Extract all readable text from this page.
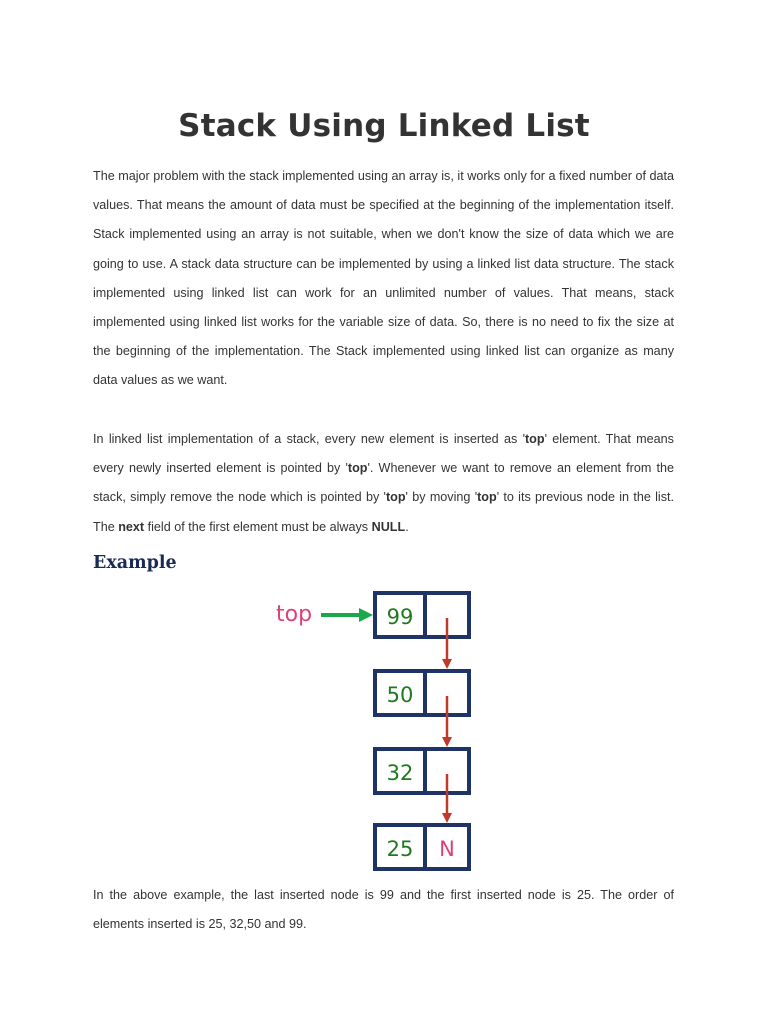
Stack Using Linked List

The major problem with the stack implemented using an array is, it works only for a fixed number of data values. That means the amount of data must be specified at the beginning of the implementation itself. Stack implemented using an array is not suitable, when we don't know the size of data which we are going to use. A stack data structure can be implemented by using a linked list data structure. The stack implemented using linked list can work for an unlimited number of values. That means, stack implemented using linked list works for the variable size of data. So, there is no need to fix the size at the beginning of the implementation. The Stack implemented using linked list can organize as many data values as we want.

In linked list implementation of a stack, every new element is inserted as 'top' element. That means every newly inserted element is pointed by 'top'. Whenever we want to remove an element from the stack, simply remove the node which is pointed by 'top' by moving 'top' to its previous node in the list. The next field of the first element must be always NULL.

Example
top	99
50
32
25 N

In the above example, the last inserted node is 99 and the first inserted node is 25. The order of elements inserted is 25, 32,50 and 99.
